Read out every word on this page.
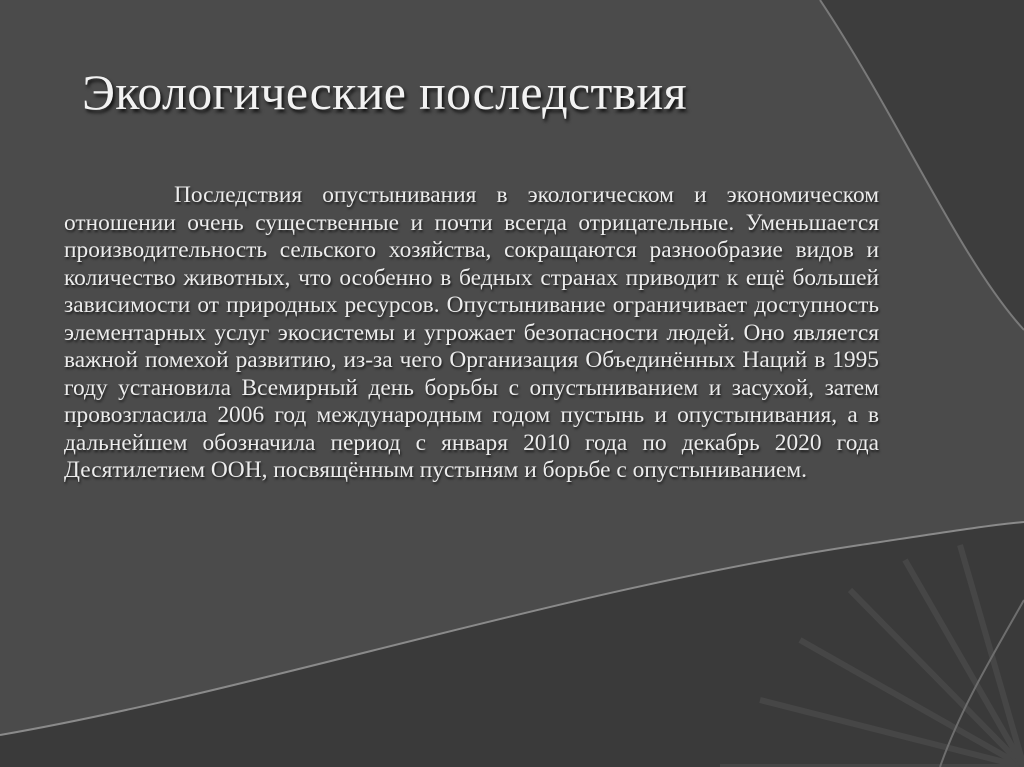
Экологические последствия

Последствия опустынивания в экологическом и экономическом отношении очень существенные и почти всегда отрицательные. Уменьшается производительность сельского хозяйства, сокращаются разнообразие видов и количество животных, что особенно в бедных странах приводит к ещё большей зависимости от природных ресурсов. Опустынивание ограничивает доступность элементарных услуг экосистемы и угрожает безопасности людей. Оно является важной помехой развитию, из-за чего Организация Объединённых Наций в 1995 году установила Всемирный день борьбы с опустыниванием и засухой, затем провозгласила 2006 год международным годом пустынь и опустынивания, а в дальнейшем обозначила период с января 2010 года по декабрь 2020 года Десятилетием ООН, посвящённым пустыням и борьбе с опустыниванием.
